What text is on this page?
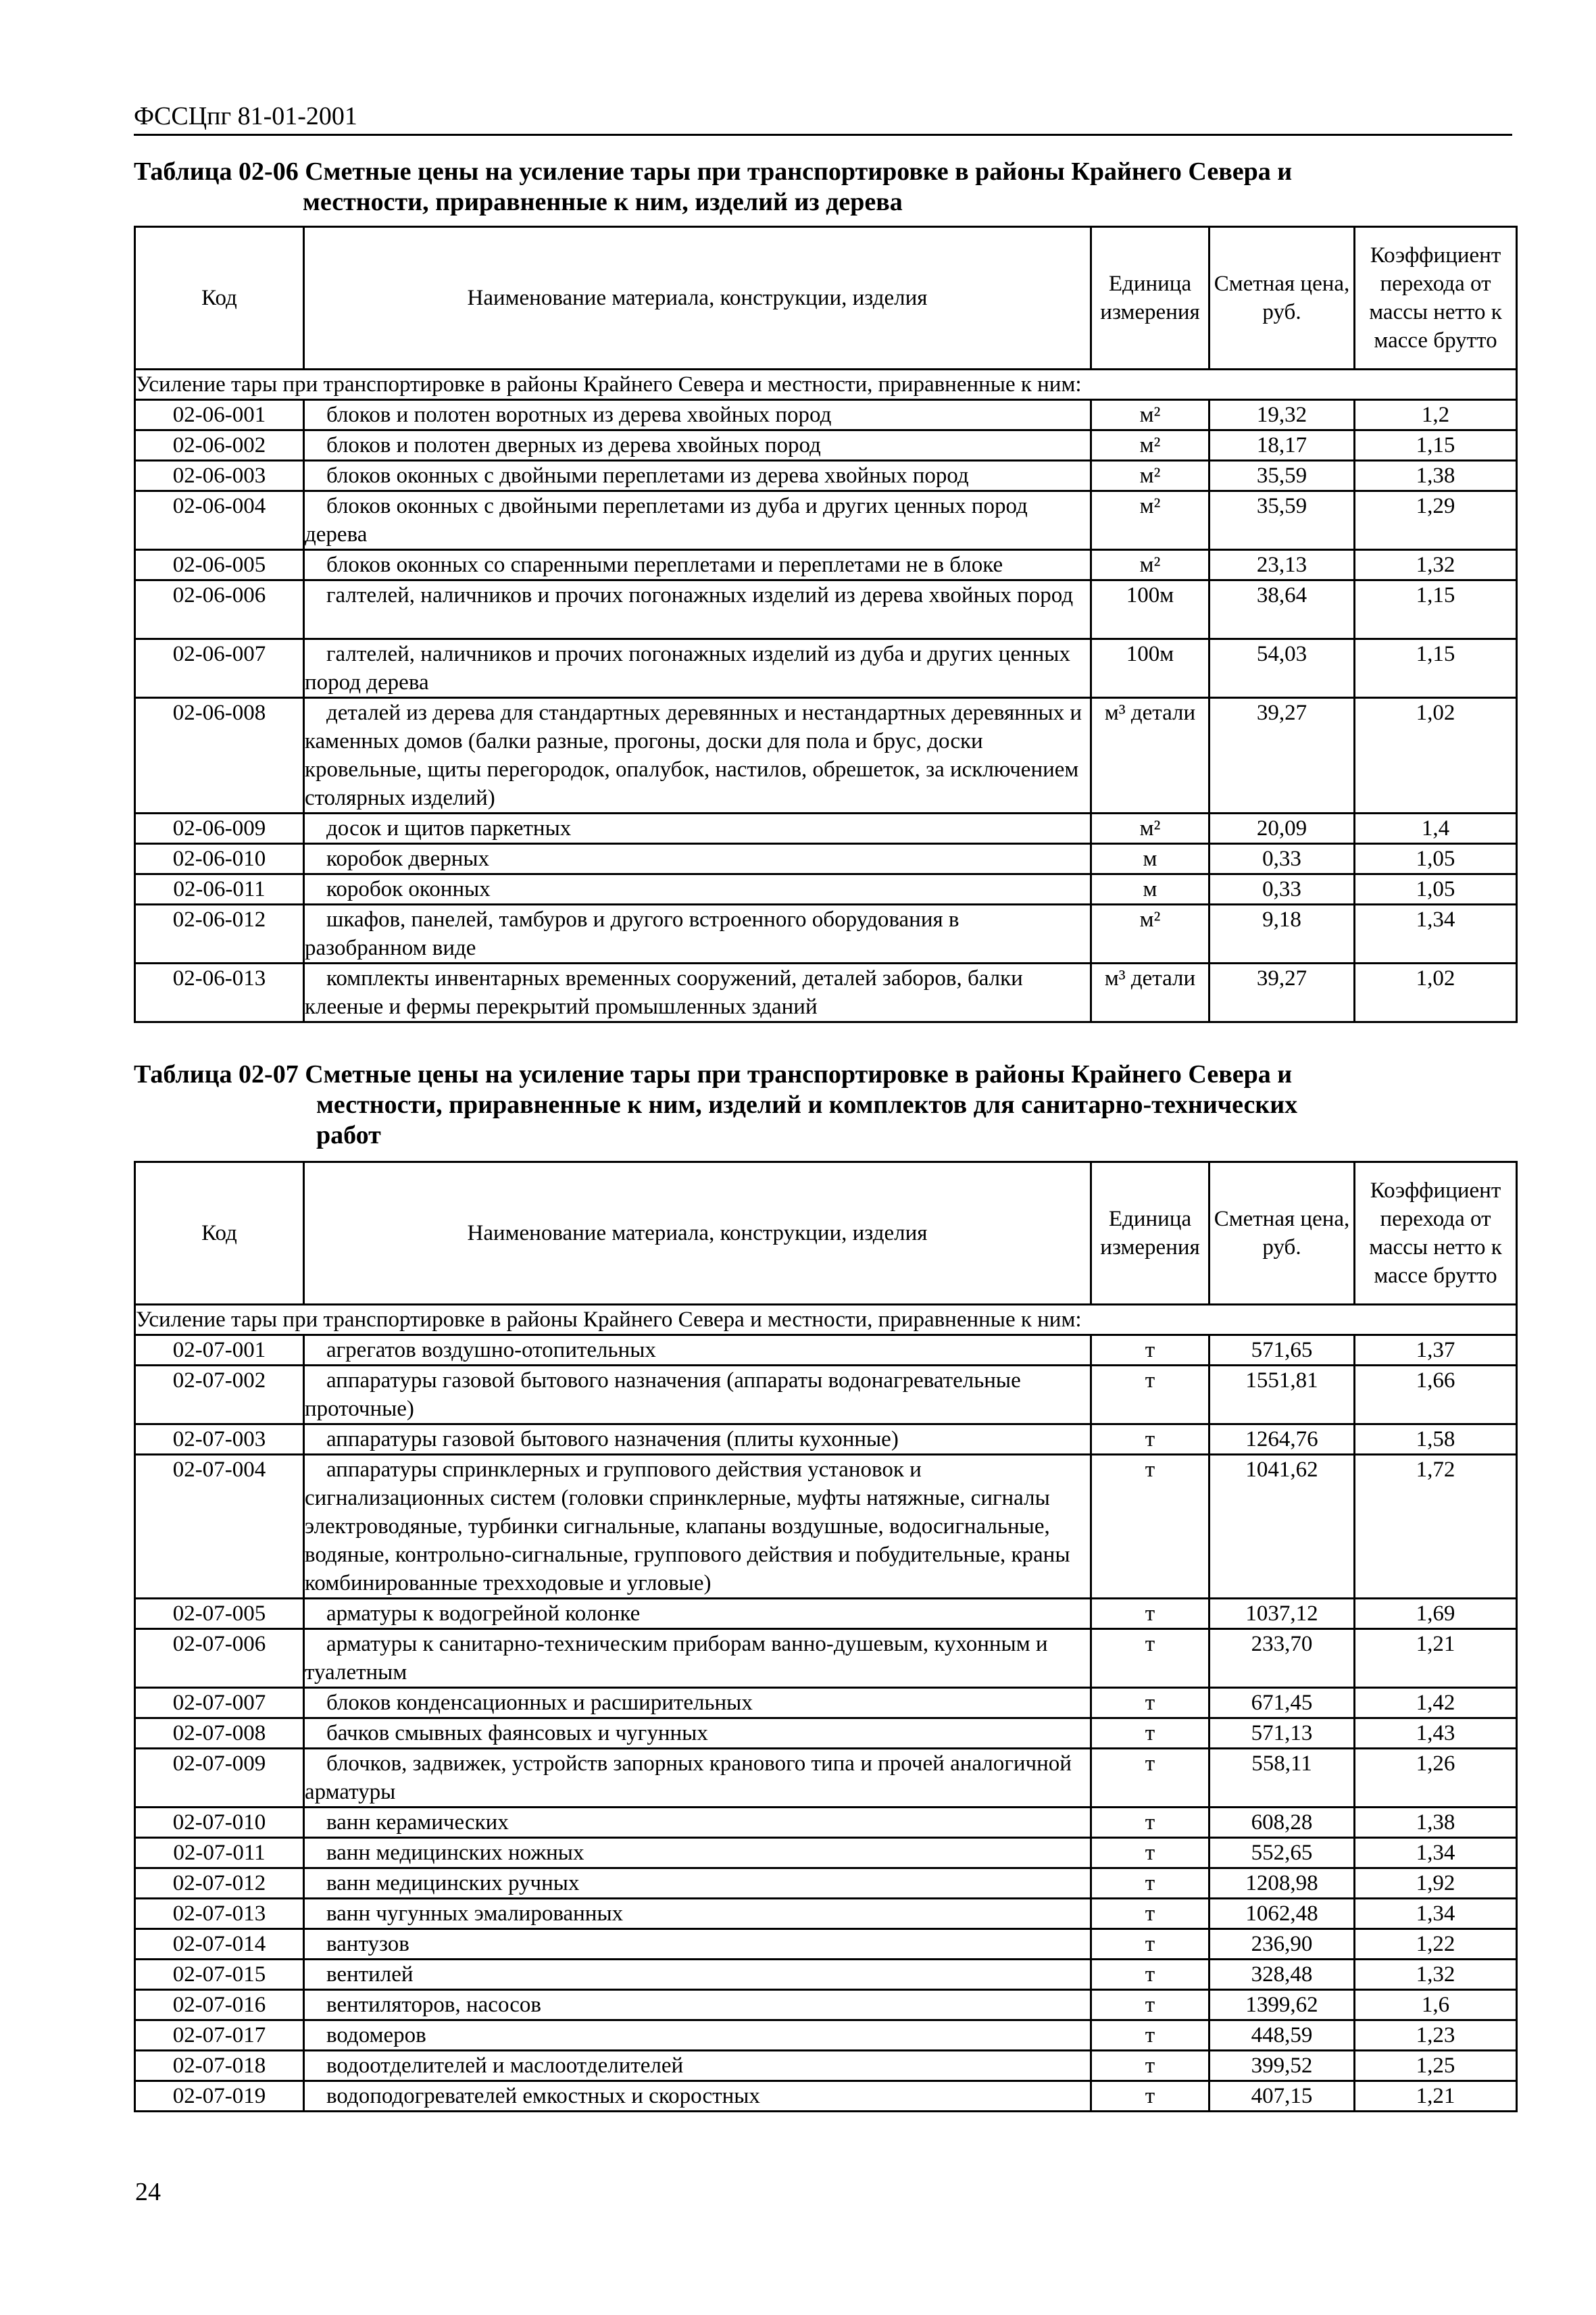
ФССЦпг 81-01-2001
Таблица 02-06 Сметные цены на усиление тары при транспортировке в районы Крайнего Севера и
местности, приравненные к ним, изделий из дерева
Код	Наименование материала, конструкции, изделия	Единица измерения	Сметная цена, руб.	Коэффициент перехода от массы нетто к массе брутто
Усиление тары при транспортировке в районы Крайнего Севера и местности, приравненные к ним:				
02-06-001	блоков и полотен воротных из дерева хвойных пород	м²	19,32	1,2
02-06-002	блоков и полотен дверных из дерева хвойных пород	м²	18,17	1,15
02-06-003	блоков оконных с двойными переплетами из дерева хвойных пород	м²	35,59	1,38
02-06-004	блоков оконных с двойными переплетами из дуба и других ценных пород дерева	м²	35,59	1,29
02-06-005	блоков оконных со спаренными переплетами и переплетами не в блоке	м²	23,13	1,32
02-06-006	галтелей, наличников и прочих погонажных изделий из дерева хвойных пород	100м	38,64	1,15
02-06-007	галтелей, наличников и прочих погонажных изделий из дуба и других ценных пород дерева	100м	54,03	1,15
02-06-008	деталей из дерева для стандартных деревянных и нестандартных деревянных и каменных домов (балки разные, прогоны, доски для пола и брус, доски кровельные, щиты перегородок, опалубок, настилов, обрешеток, за исключением столярных изделий)	м³ детали	39,27	1,02
02-06-009	досок и щитов паркетных	м²	20,09	1,4
02-06-010	коробок дверных	м	0,33	1,05
02-06-011	коробок оконных	м	0,33	1,05
02-06-012	шкафов, панелей, тамбуров и другого встроенного оборудования в разобранном виде	м²	9,18	1,34
02-06-013	комплекты инвентарных временных сооружений, деталей заборов, балки клееные и фермы перекрытий промышленных зданий	м³ детали	39,27	1,02
Таблица 02-07 Сметные цены на усиление тары при транспортировке в районы Крайнего Севера и
местности, приравненные к ним, изделий и комплектов для санитарно-технических
работ
Код	Наименование материала, конструкции, изделия	Единица измерения	Сметная цена, руб.	Коэффициент перехода от массы нетто к массе брутто
Усиление тары при транспортировке в районы Крайнего Севера и местности, приравненные к ним:				
02-07-001	агрегатов воздушно-отопительных	т	571,65	1,37
02-07-002	аппаратуры газовой бытового назначения (аппараты водонагревательные проточные)	т	1551,81	1,66
02-07-003	аппаратуры газовой бытового назначения (плиты кухонные)	т	1264,76	1,58
02-07-004	аппаратуры спринклерных и группового действия установок и сигнализационных систем (головки спринклерные, муфты натяжные, сигналы электроводяные, турбинки сигнальные, клапаны воздушные, водосигнальные, водяные, контрольно-сигнальные, группового действия и побудительные, краны комбинированные трехходовые и угловые)	т	1041,62	1,72
02-07-005	арматуры к водогрейной колонке	т	1037,12	1,69
02-07-006	арматуры к санитарно-техническим приборам ванно-душевым, кухонным и туалетным	т	233,70	1,21
02-07-007	блоков конденсационных и расширительных	т	671,45	1,42
02-07-008	бачков смывных фаянсовых и чугунных	т	571,13	1,43
02-07-009	блочков, задвижек, устройств запорных кранового типа и прочей аналогичной арматуры	т	558,11	1,26
02-07-010	ванн керамических	т	608,28	1,38
02-07-011	ванн медицинских ножных	т	552,65	1,34
02-07-012	ванн медицинских ручных	т	1208,98	1,92
02-07-013	ванн чугунных эмалированных	т	1062,48	1,34
02-07-014	вантузов	т	236,90	1,22
02-07-015	вентилей	т	328,48	1,32
02-07-016	вентиляторов, насосов	т	1399,62	1,6
02-07-017	водомеров	т	448,59	1,23
02-07-018	водоотделителей и маслоотделителей	т	399,52	1,25
02-07-019	водоподогревателей емкостных и скоростных	т	407,15	1,21
24
